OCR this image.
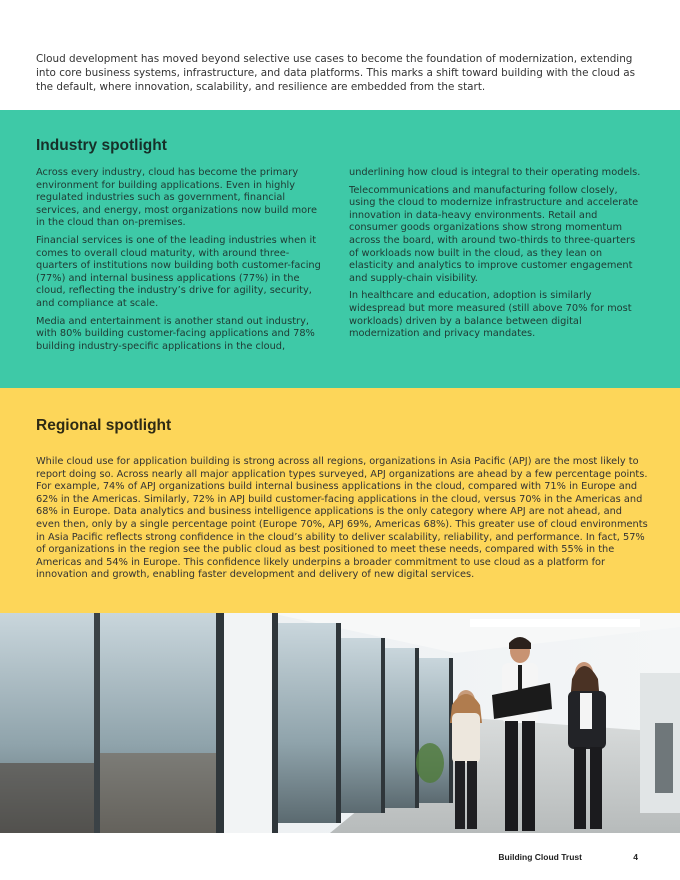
Cloud development has moved beyond selective use cases to become the foundation of modernization, extending into core business systems, infrastructure, and data platforms. This marks a shift toward building with the cloud as the default, where innovation, scalability, and resilience are embedded from the start.

Industry spotlight

Across every industry, cloud has become the primary environment for building applications. Even in highly regulated industries such as government, financial services, and energy, most organizations now build more in the cloud than on-premises.

Financial services is one of the leading industries when it comes to overall cloud maturity, with around three-quarters of institutions now building both customer-facing (77%) and internal business applications (77%) in the cloud, reflecting the industry’s drive for agility, security, and compliance at scale.

Media and entertainment is another stand out industry, with 80% building customer-facing applications and 78% building industry-specific applications in the cloud,

underlining how cloud is integral to their operating models.

Telecommunications and manufacturing follow closely, using the cloud to modernize infrastructure and accelerate innovation in data-heavy environments. Retail and consumer goods organizations show strong momentum across the board, with around two-thirds to three-quarters of workloads now built in the cloud, as they lean on elasticity and analytics to improve customer engagement and supply-chain visibility.

In healthcare and education, adoption is similarly widespread but more measured (still above 70% for most workloads) driven by a balance between digital modernization and privacy mandates.

Regional spotlight

While cloud use for application building is strong across all regions, organizations in Asia Pacific (APJ) are the most likely to report doing so. Across nearly all major application types surveyed, APJ organizations are ahead by a few percentage points. For example, 74% of APJ organizations build internal business applications in the cloud, compared with 71% in Europe and 62% in the Americas. Similarly, 72% in APJ build customer-facing applications in the cloud, versus 70% in the Americas and 68% in Europe. Data analytics and business intelligence applications is the only category where APJ are not ahead, and even then, only by a single percentage point (Europe 70%, APJ 69%, Americas 68%). This greater use of cloud environments in Asia Pacific reflects strong confidence in the cloud’s ability to deliver scalability, reliability, and performance. In fact, 57% of organizations in the region see the public cloud as best positioned to meet these needs, compared with 55% in the Americas and 54% in Europe. This confidence likely underpins a broader commitment to use cloud as a platform for innovation and growth, enabling faster development and delivery of new digital services.

Building Cloud Trust	4
